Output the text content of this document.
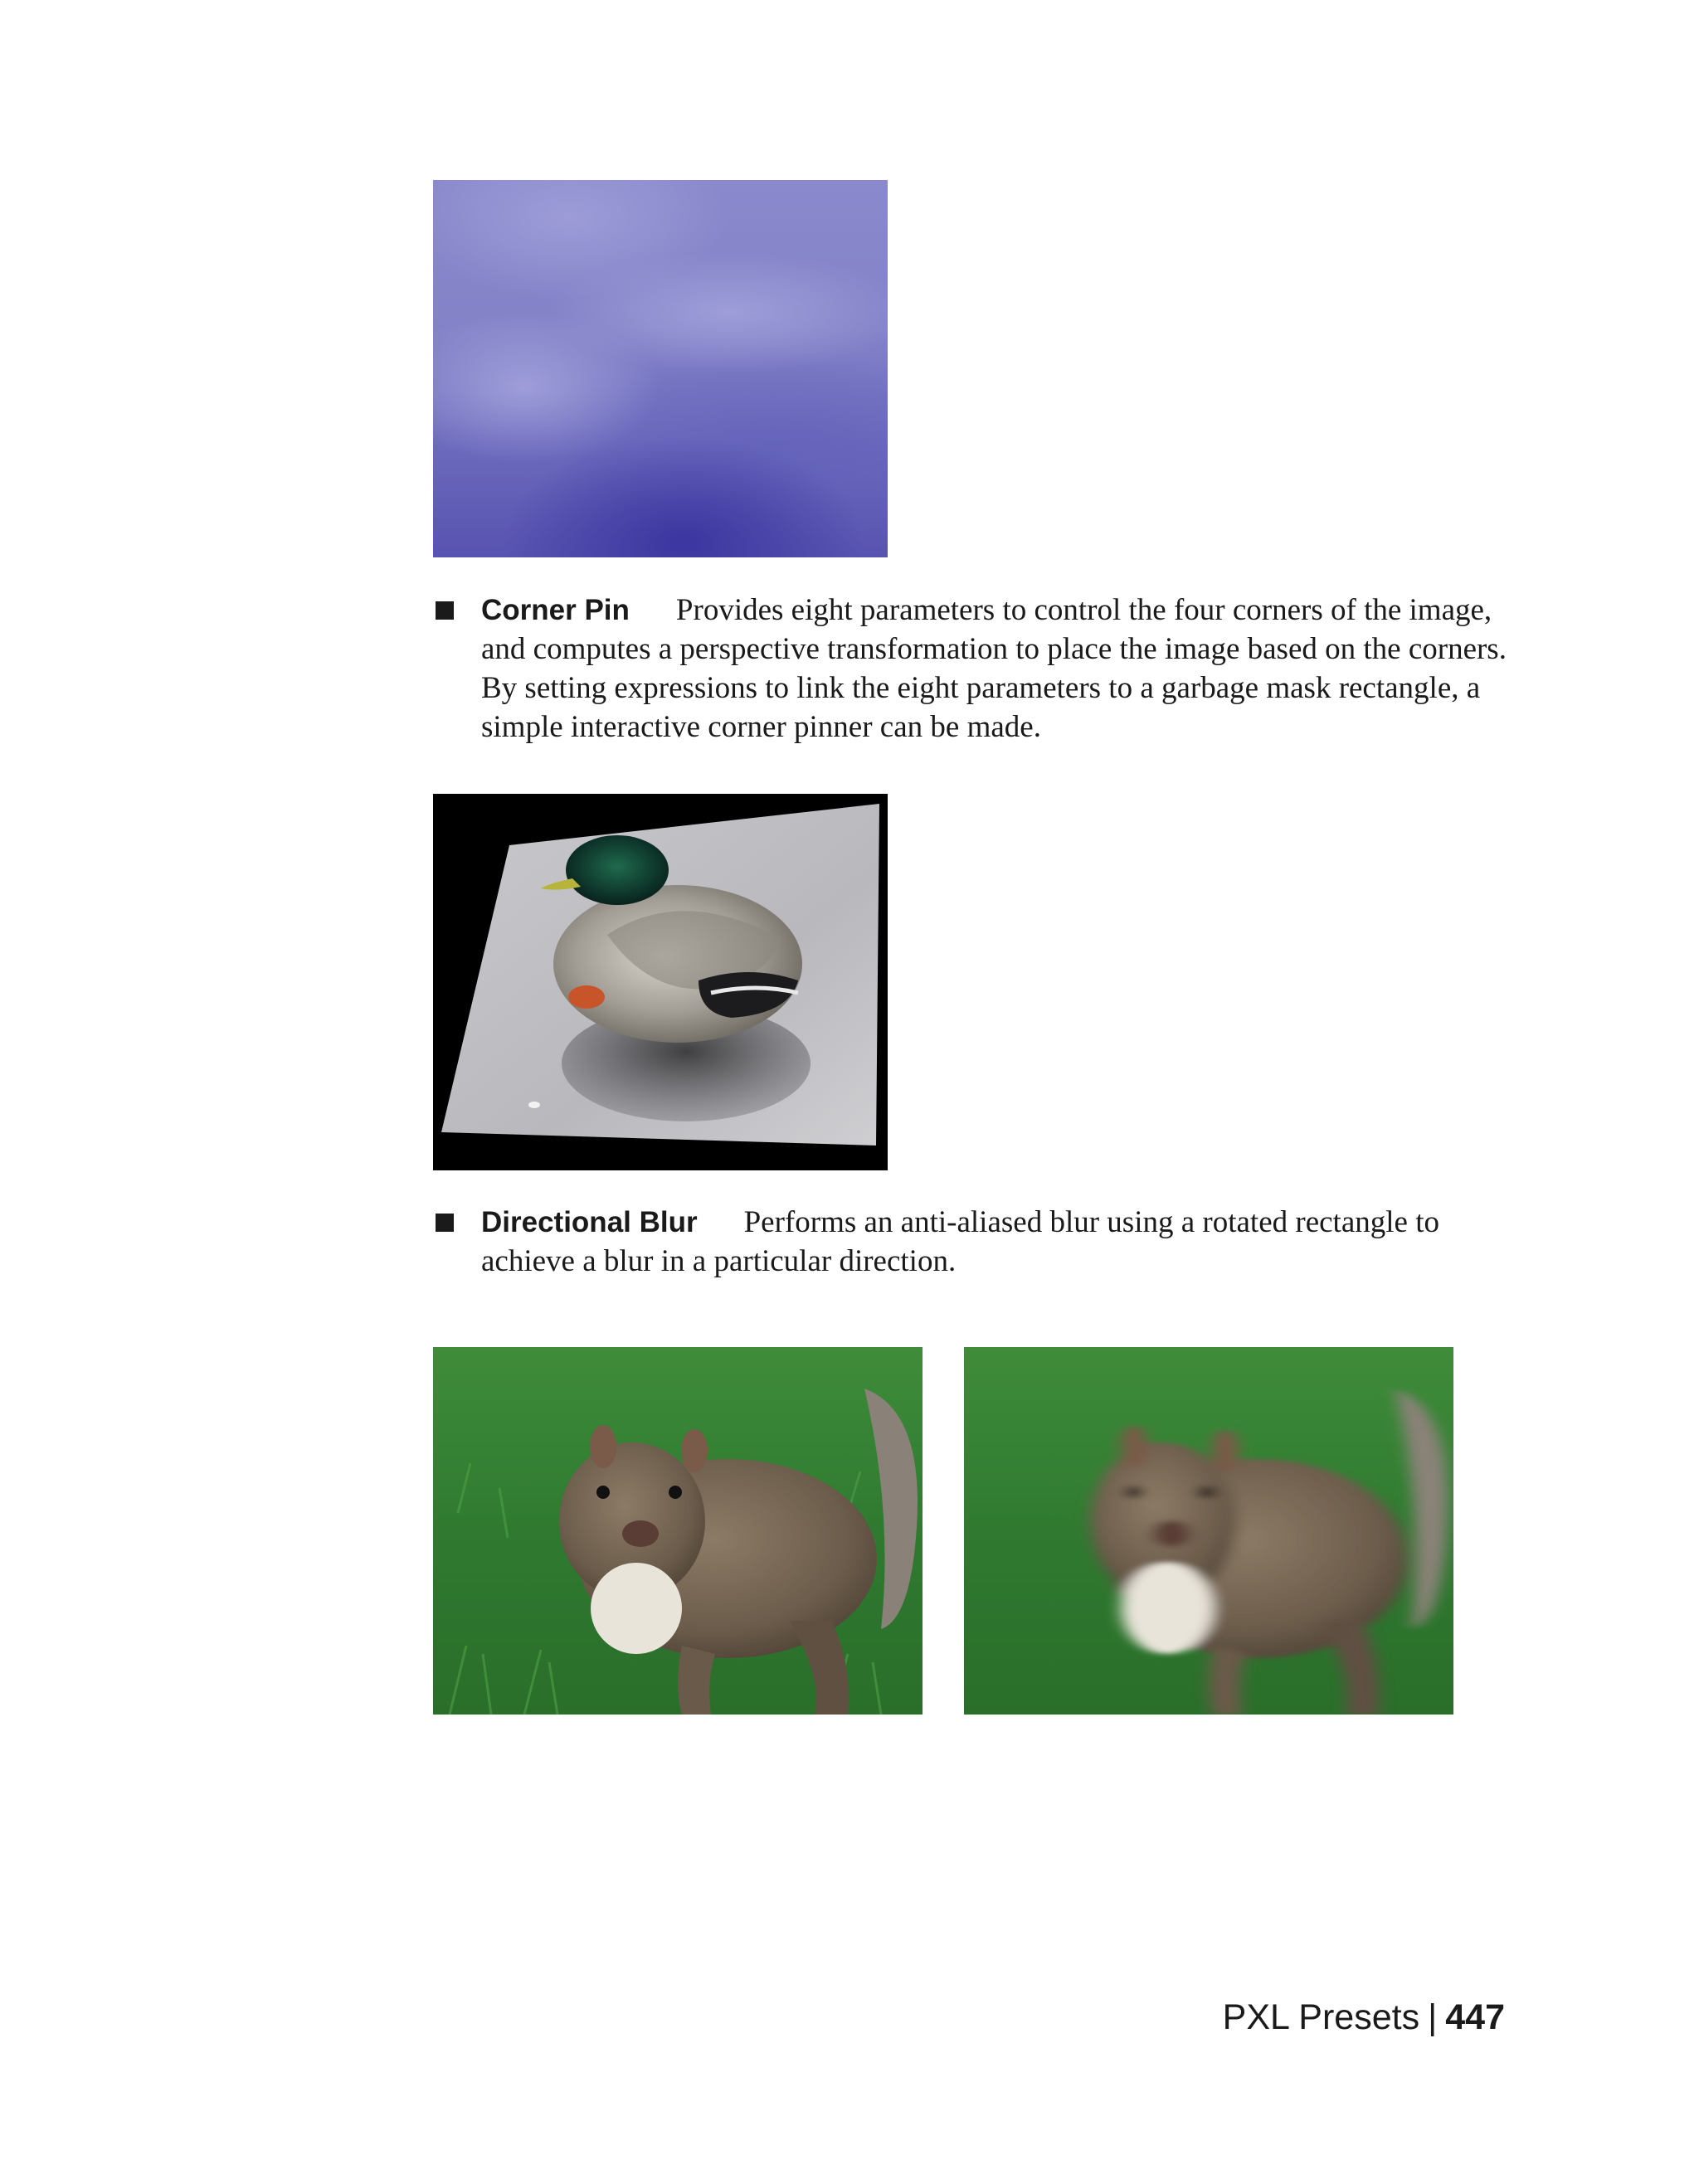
Corner Pin Provides eight parameters to control the four corners of the image, and computes a perspective transformation to place the image based on the corners. By setting expressions to link the eight parameters to a garbage mask rectangle, a simple interactive corner pinner can be made.
Directional Blur Performs an anti-aliased blur using a rotated rectangle to achieve a blur in a particular direction.
PXL Presets | 447
